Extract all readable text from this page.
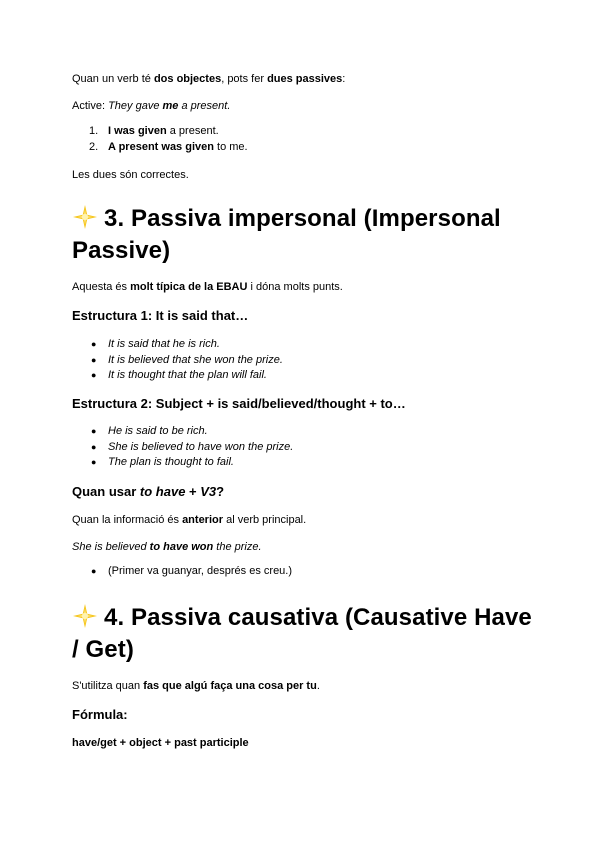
Quan un verb té dos objectes, pots fer dues passives:

Active: They gave me a present.

1. I was given a present.
2. A present was given to me.

Les dues són correctes.

3. Passiva impersonal (Impersonal Passive)

Aquesta és molt típica de la EBAU i dóna molts punts.

Estructura 1: It is said that…
● It is said that he is rich.
● It is believed that she won the prize.
● It is thought that the plan will fail.
Estructura 2: Subject + is said/believed/thought + to…
● He is said to be rich.
● She is believed to have won the prize.
● The plan is thought to fail.
Quan usar to have + V3?

Quan la informació és anterior al verb principal.

She is believed to have won the prize.

● (Primer va guanyar, després es creu.)
4. Passiva causativa (Causative Have / Get)

S'utilitza quan fas que algú faça una cosa per tu.

Fórmula:

have/get + object + past participle
